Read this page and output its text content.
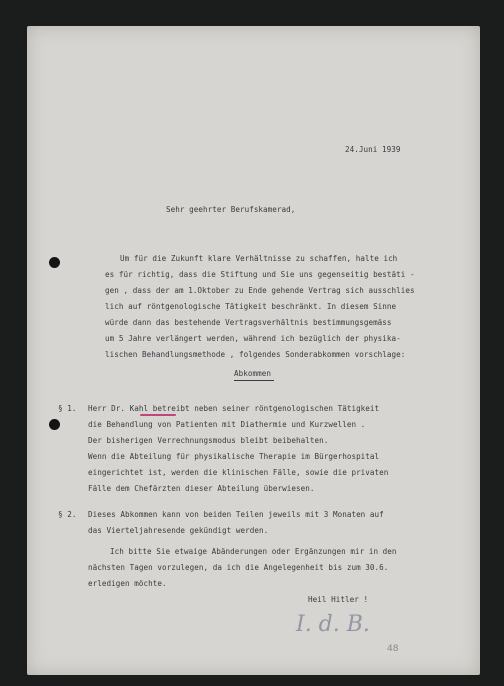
24.Juni 1939
Sehr geehrter Berufskamerad,
Um für die Zukunft klare Verhältnisse zu schaffen, halte ich
es für richtig, dass die Stiftung und Sie uns gegenseitig bestäti -
gen , dass der am 1.Oktober zu Ende gehende Vertrag sich ausschlies
lich auf röntgenologische Tätigkeit beschränkt. In diesem Sinne
würde dann das bestehende Vertragsverhältnis bestimmungsgemäss
um 5 Jahre verlängert werden, während ich bezüglich der physika-
lischen Behandlungsmethode , folgendes Sonderabkommen vorschlage:
Abkommen
§ 1. Herr Dr. Kahl betreibt neben seiner röntgenologischen Tätigkeit
die Behandlung von Patienten mit Diathermie und Kurzwellen .
Der bisherigen Verrechnungsmodus bleibt beibehalten.
Wenn die Abteilung für physikalische Therapie im Bürgerhospital
eingerichtet ist, werden die klinischen Fälle, sowie die privaten
Fälle dem Chefärzten dieser Abteilung überwiesen.
§ 2. Dieses Abkommen kann von beiden Teilen jeweils mit 3 Monaten auf
das Vierteljahresende gekündigt werden.
Ich bitte Sie etwaige Abänderungen oder Ergänzungen mir in den
nächsten Tagen vorzulegen, da ich die Angelegenheit bis zum 30.6.
erledigen möchte.
Heil Hitler !
I. d. B.
48
